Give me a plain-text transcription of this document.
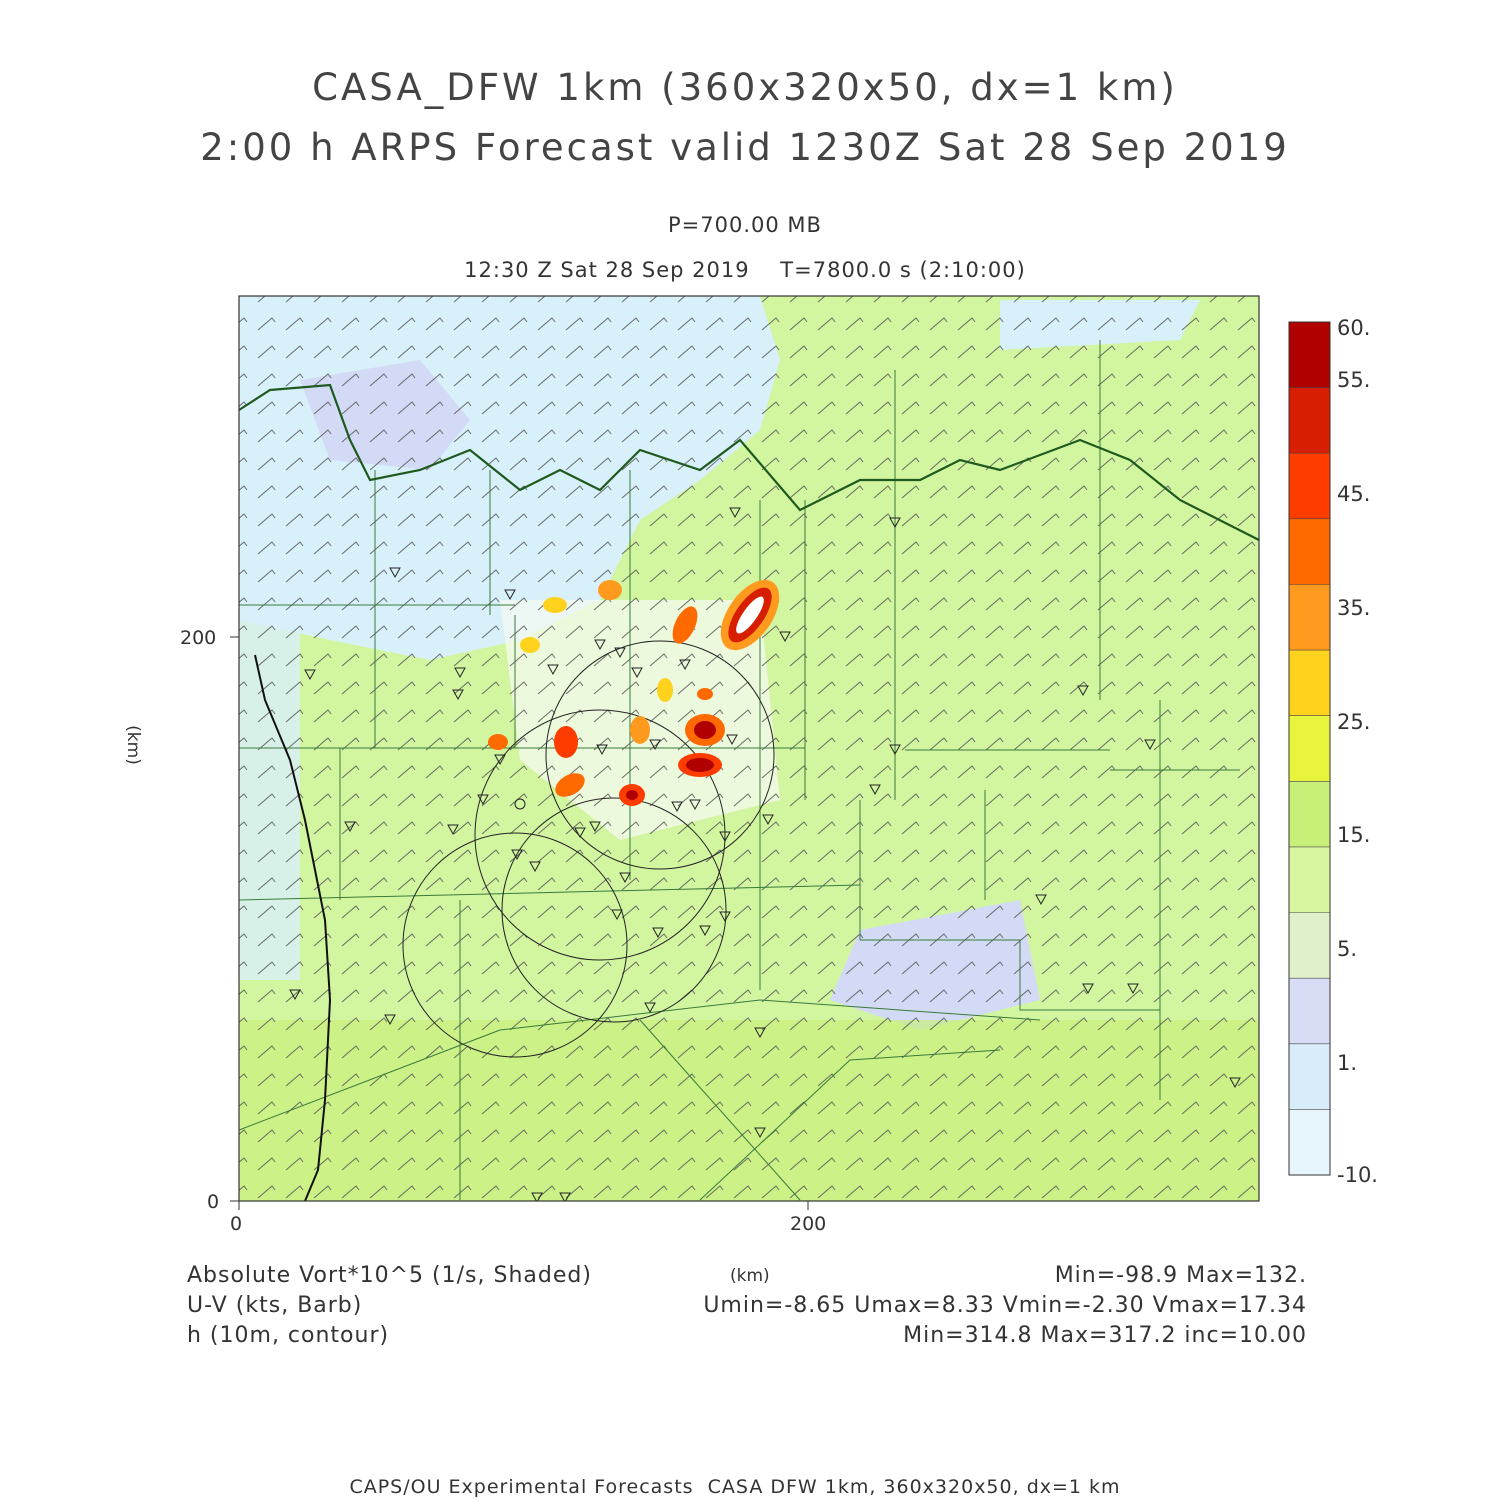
CASA_DFW 1km (360x320x50, dx=1 km)
2:00 h ARPS Forecast valid 1230Z Sat 28 Sep 2019
P=700.00 MB
12:30 Z Sat 28 Sep 2019    T=7800.0 s (2:10:00)
200
0
0	200
(km)
(km)
60.
55.
45.
35.
25.
15.
5.
1.
-10.
Absolute Vort*10^5 (1/s, Shaded)
U-V (kts, Barb)
h (10m, contour)
Min=-98.9 Max=132.
Umin=-8.65 Umax=8.33 Vmin=-2.30 Vmax=17.34
Min=314.8 Max=317.2 inc=10.00
CAPS/OU Experimental Forecasts  CASA DFW 1km, 360x320x50, dx=1 km
